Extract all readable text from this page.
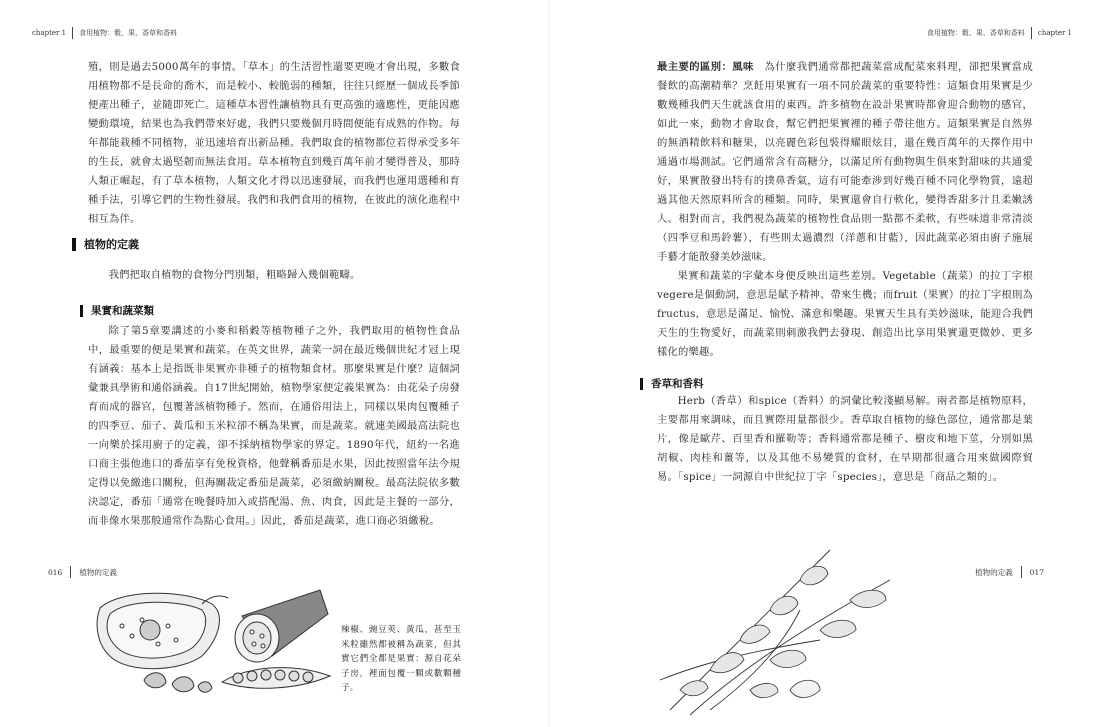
chapter 1 食用植物：穀、果、香草和香料

殖，則是過去5000萬年的事情。「草本」的生活習性還要更晚才會出現，多數食用植物都不是長命的喬木，而是較小、較脆弱的種類，往往只經歷一個成長季節便產出種子，並隨即死亡。這種草本習性讓植物具有更高強的適應性，更能因應變動環境，結果也為我們帶來好處，我們只要幾個月時間便能有成熟的作物。每年都能栽種不同植物，並迅速培育出新品種。我們取食的植物都位若得承受多年的生長，就會太過堅韌而無法食用。草本植物直到幾百萬年前才變得普及，那時人類正崛起，有了草本植物，人類文化才得以迅速發展，而我們也運用選種和育種手法，引導它們的生物性發展。我們和我們食用的植物，在彼此的演化進程中相互為伴。

植物的定義

我們把取自植物的食物分門別類，粗略歸入幾個範疇。

果實和蔬菜類

除了第5章要講述的小麥和稻穀等植物種子之外，我們取用的植物性食品中，最重要的便是果實和蔬菜。在英文世界，蔬菜一詞在最近幾個世紀才冠上現有涵義：基本上是指既非果實亦非種子的植物類食材。那麼果實是什麼？這個詞彙兼具學術和通俗涵義。自17世紀開始，植物學家便定義果實為：由花朵子房發育而成的器官，包覆著該植物種子。然而，在通俗用法上，同樣以果肉包覆種子的四季豆、茄子、黃瓜和玉米粒卻不稱為果實，而是蔬菜。就連美國最高法院也一向樂於採用廚子的定義，卻不採納植物學家的界定。1890年代，紐約一名進口商主張他進口的番茄享有免稅資格，他聲稱番茄是水果，因此按照當年法今規定得以免繳進口關稅，但海關裁定番茄是蔬菜，必須繳納關稅。最高法院依多數決認定，番茄「通常在晚餐時加入或搭配湯、魚、肉食，因此是主餐的一部分，而非像水果那般通常作為點心食用。」因此，番茄是蔬菜，進口商必須繳稅。

016 植物的定義
辣椒、豌豆莢、黃瓜，甚至玉米粒雖然都被稱為蔬菜，但其實它們全都是果實：源自花朵子房，裡面包覆一顆或數顆種子。
食用植物：穀、果、香草和香料 chapter 1

最主要的區別：風味　為什麼我們通常都把蔬菜當成配菜來料理，卻把果實當成餐飲的高潮精華？烹飪用果實有一項不同於蔬菜的重要特性：這類食用果實是少數幾種我們天生就該食用的東西。許多植物在設計果實時都會迎合動物的感官，如此一來，動物才會取食，幫它們把果實裡的種子帶往他方。這類果實是自然界的無酒精飲料和糖果，以亮麗色彩包裝得耀眼炫目，還在幾百萬年的天擇作用中通過市場測試。它們通常含有高糖分，以滿足所有動物與生俱來對甜味的共通愛好，果實散發出特有的撲鼻香氣，這有可能牽涉到好幾百種不同化學物質，遠超過其他天然原料所含的種類。同時，果實還會自行軟化，變得香甜多汁且柔嫩誘人。相對而言，我們視為蔬菜的植物性食品則一點都不柔軟，有些味道非常清淡（四季豆和馬鈴薯），有些則太過濃烈（洋蔥和甘藍），因此蔬菜必須由廚子施展手藝才能散發美妙滋味。

果實和蔬菜的字彙本身便反映出這些差別。Vegetable（蔬菜）的拉丁字根vegere是個動詞，意思是賦予精神、帶來生機；而fruit（果實）的拉丁字根則為fructus，意思是滿足、愉悅、滿意和樂趣。果實天生具有美妙滋味，能迎合我們天生的生物愛好，而蔬菜則刺激我們去發現、創造出比享用果實還更微妙、更多樣化的樂趣。

香草和香料

Herb（香草）和spice（香料）的詞彙比較淺顯易解。兩者都是植物原料，主要都用來調味，而且實際用量都很少。香草取自植物的綠色部位，通常都是葉片，像是歐芹、百里香和羅勒等；香料通常都是種子、樹皮和地下莖，分別如黑胡椒、肉桂和薑等，以及其他不易變質的食材，在早期都很適合用來做國際貿易。「spice」一詞源自中世紀拉丁字「species」，意思是「商品之類的」。

植物的定義 017
